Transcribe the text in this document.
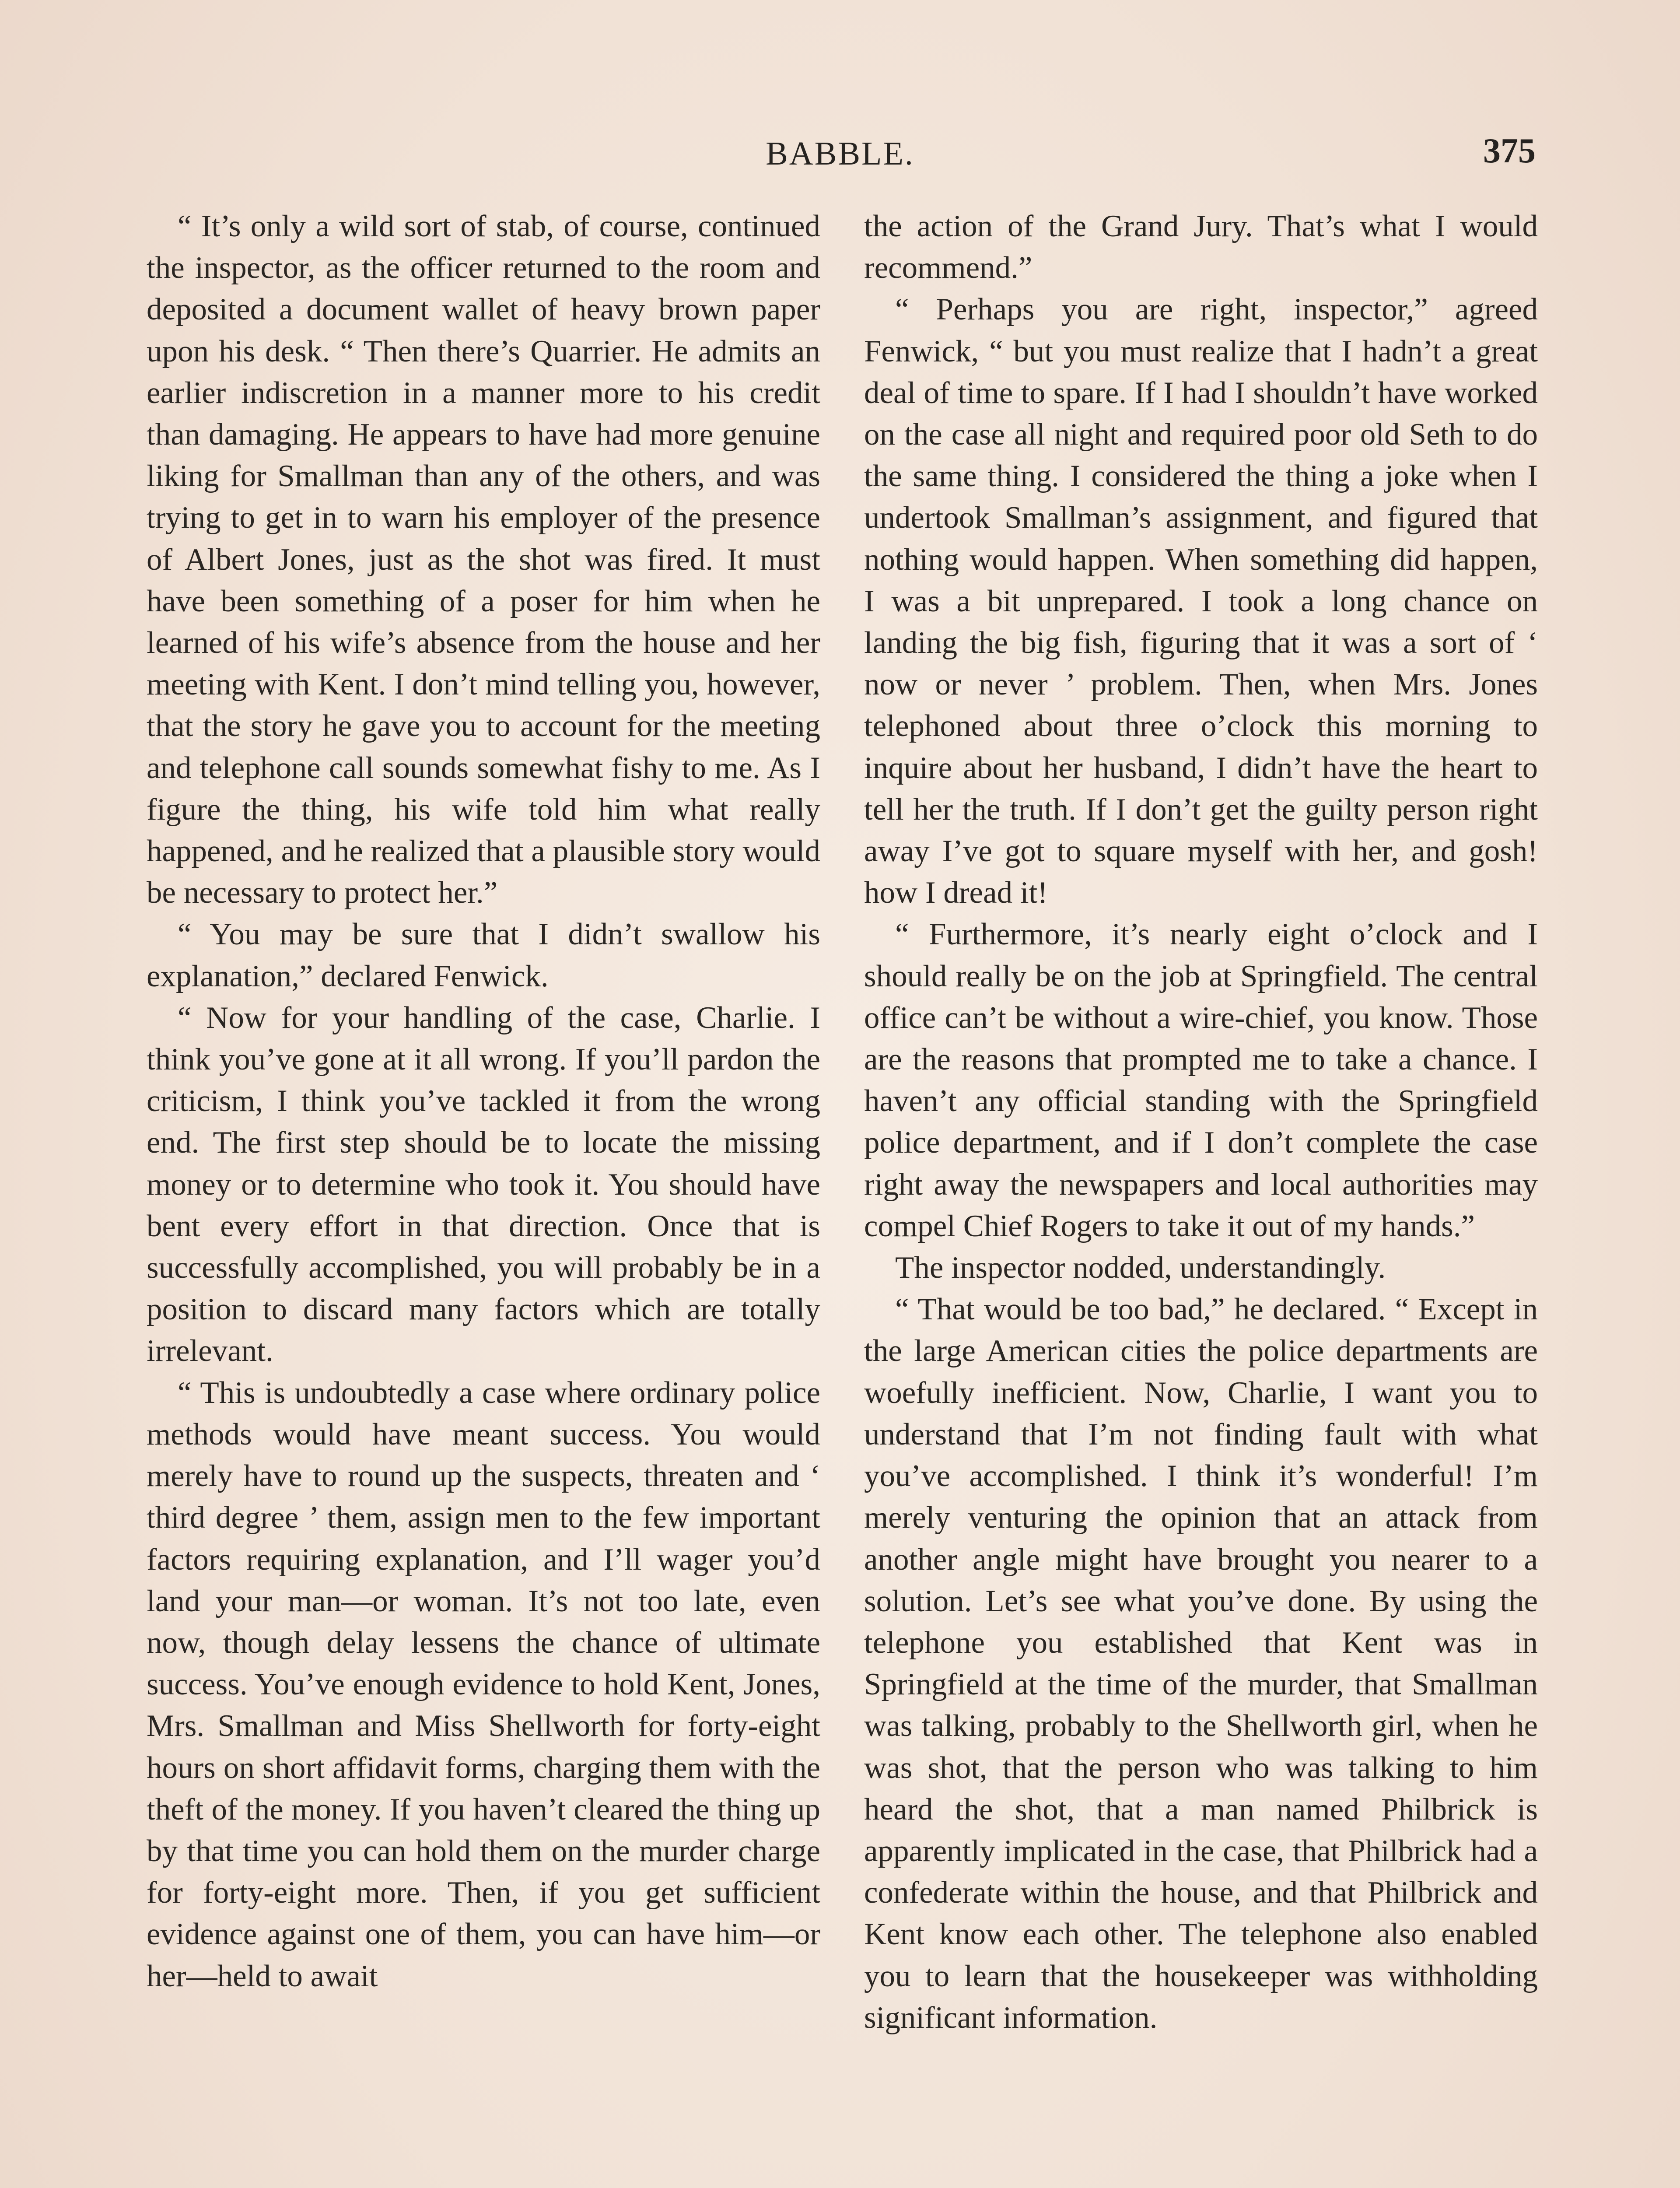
BABBLE.	375

“ It’s only a wild sort of stab, of course, continued the inspector, as the officer returned to the room and deposited a document wallet of heavy brown paper upon his desk. “ Then there’s Quarrier. He admits an earlier indiscretion in a manner more to his credit than damaging. He appears to have had more genuine liking for Smallman than any of the others, and was trying to get in to warn his employer of the presence of Albert Jones, just as the shot was fired. It must have been something of a poser for him when he learned of his wife’s absence from the house and her meeting with Kent. I don’t mind telling you, however, that the story he gave you to account for the meeting and telephone call sounds somewhat fishy to me. As I figure the thing, his wife told him what really happened, and he realized that a plausible story would be necessary to protect her.”

“ You may be sure that I didn’t swallow his explanation,” declared Fenwick.

“ Now for your handling of the case, Charlie. I think you’ve gone at it all wrong. If you’ll pardon the criticism, I think you’ve tackled it from the wrong end. The first step should be to locate the missing money or to determine who took it. You should have bent every effort in that direction. Once that is successfully accomplished, you will probably be in a position to discard many factors which are totally irrelevant.

“ This is undoubtedly a case where ordinary police methods would have meant success. You would merely have to round up the suspects, threaten and ‘ third degree ’ them, assign men to the few important factors requiring explanation, and I’ll wager you’d land your man—or woman. It’s not too late, even now, though delay lessens the chance of ultimate success. You’ve enough evidence to hold Kent, Jones, Mrs. Smallman and Miss Shellworth for forty-eight hours on short affidavit forms, charging them with the theft of the money. If you haven’t cleared the thing up by that time you can hold them on the murder charge for forty-eight more. Then, if you get sufficient evidence against one of them, you can have him—or her—held to await

the action of the Grand Jury. That’s what I would recommend.”

“ Perhaps you are right, inspector,” agreed Fenwick, “ but you must realize that I hadn’t a great deal of time to spare. If I had I shouldn’t have worked on the case all night and required poor old Seth to do the same thing. I considered the thing a joke when I undertook Smallman’s assignment, and figured that nothing would happen. When something did happen, I was a bit unprepared. I took a long chance on landing the big fish, figuring that it was a sort of ‘ now or never ’ problem. Then, when Mrs. Jones telephoned about three o’clock this morning to inquire about her husband, I didn’t have the heart to tell her the truth. If I don’t get the guilty person right away I’ve got to square myself with her, and gosh! how I dread it!

“ Furthermore, it’s nearly eight o’clock and I should really be on the job at Springfield. The central office can’t be without a wire-chief, you know. Those are the reasons that prompted me to take a chance. I haven’t any official standing with the Springfield police department, and if I don’t complete the case right away the newspapers and local authorities may compel Chief Rogers to take it out of my hands.”

The inspector nodded, understandingly.

“ That would be too bad,” he declared. “ Except in the large American cities the police departments are woefully inefficient. Now, Charlie, I want you to understand that I’m not finding fault with what you’ve accomplished. I think it’s wonderful! I’m merely venturing the opinion that an attack from another angle might have brought you nearer to a solution. Let’s see what you’ve done. By using the telephone you established that Kent was in Springfield at the time of the murder, that Smallman was talking, probably to the Shellworth girl, when he was shot, that the person who was talking to him heard the shot, that a man named Philbrick is apparently implicated in the case, that Philbrick had a confederate within the house, and that Philbrick and Kent know each other. The telephone also enabled you to learn that the housekeeper was withholding significant information.
